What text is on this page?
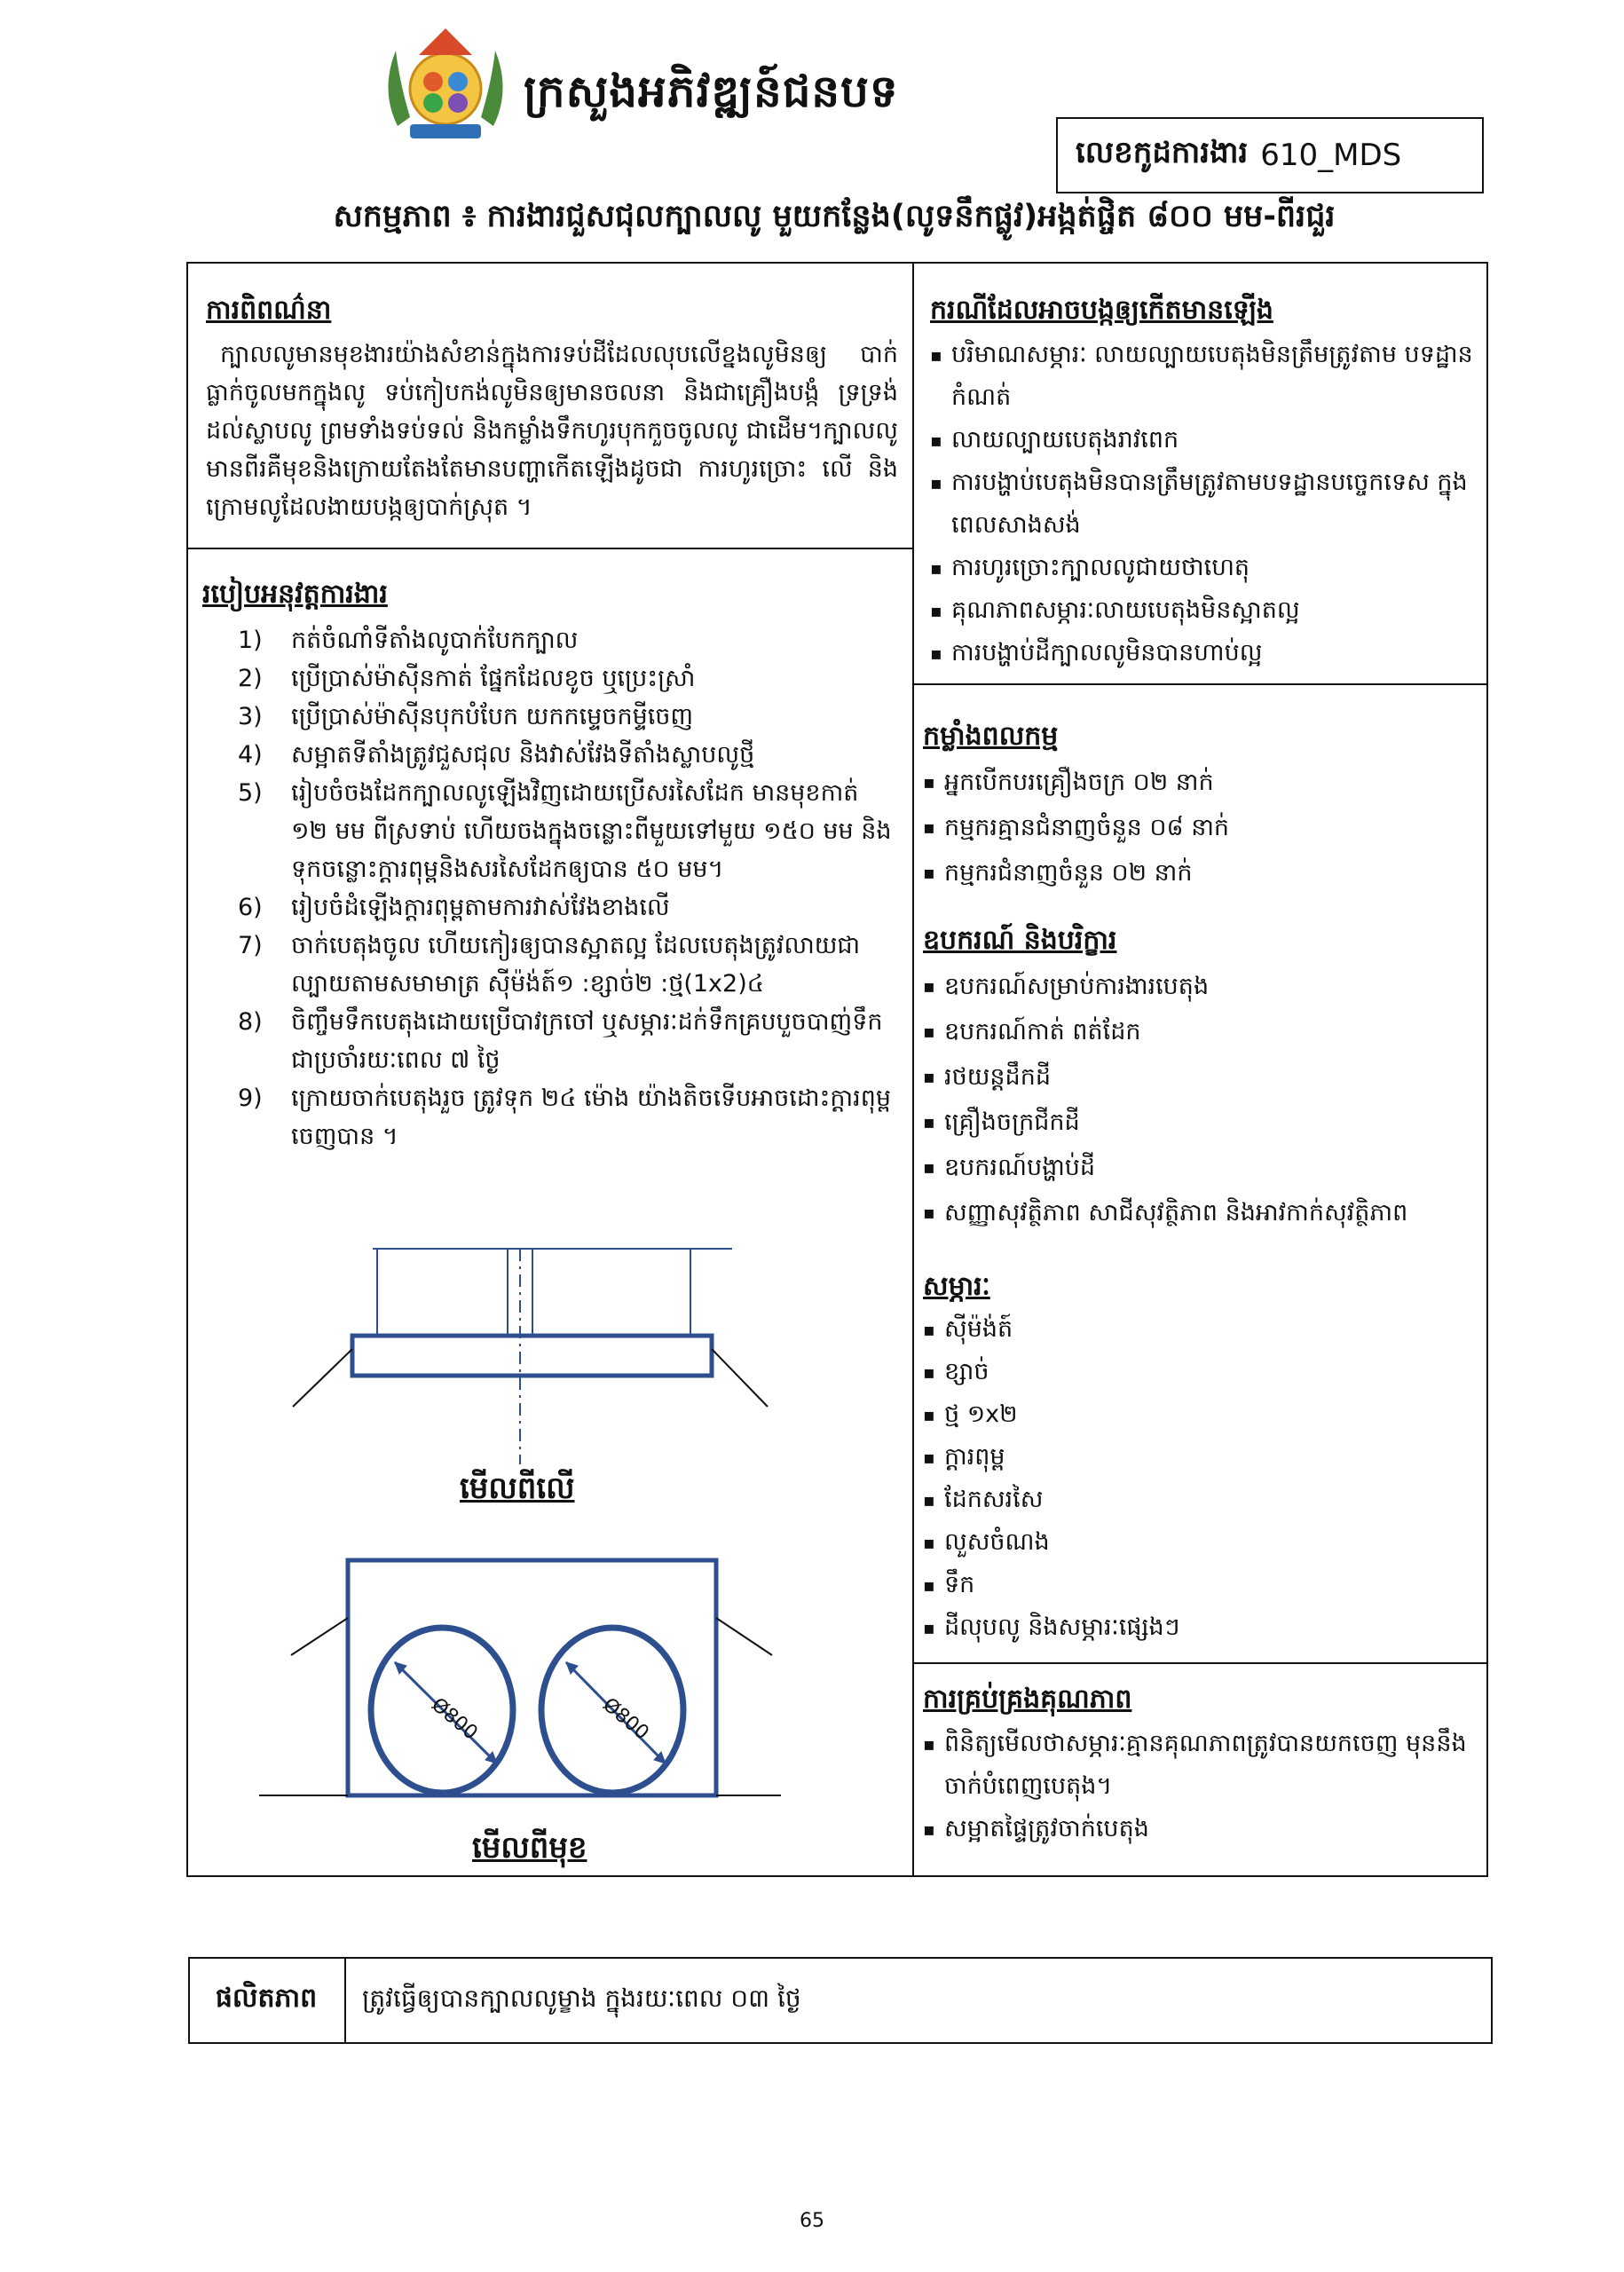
ក្រសួងអភិវឌ្ឍន៍ជនបទ
លេខកូដការងារ 610_MDS
សកម្មភាព ៖ ការងារជួសជុលក្បាលលូ មួយកន្លែង(លូទនឹកផ្លូវ)អង្កត់ផ្ចិត ៨០០ មម-ពីរជួរ
ការពិពណ៌នា
ក្បាលលូមានមុខងារយ៉ាងសំខាន់ក្នុងការទប់ដីដែលលុបលើខ្នងលូមិនឲ្យ បាក់ធ្លាក់ចូលមកក្នុងលូ ទប់កៀបកង់លូមិនឲ្យមានចលនា និងជាគ្រឿងបង្កំ ទ្រទ្រង់ដល់ស្លាបលូ ព្រមទាំងទប់ទល់ និងកម្លាំងទឹកហូរបុកកួចចូលលូ ជាដើម។ក្បាលលូមានពីរគឺមុខនិងក្រោយតែងតែមានបញ្ហាកើតឡើងដូចជា ការហូរច្រោះ លើ និងក្រោមលូដែលងាយបង្កឲ្យបាក់ស្រុត ។
របៀបអនុវត្តការងារ
1)	កត់ចំណាំទីតាំងលូបាក់បែកក្បាល
2)	ប្រើប្រាស់ម៉ាស៊ីនកាត់ ផ្នែកដែលខូច ឬប្រេះស្រាំ
3)	ប្រើប្រាស់ម៉ាស៊ីនបុកបំបែក យកកម្ទេចកម្ទីចេញ
4)	សម្អាតទីតាំងត្រូវជួសជុល និងវាស់វែងទីតាំងស្លាបលូថ្មី
5)	រៀបចំចងដែកក្បាលលូឡើងវិញដោយប្រើសរសៃដែក មានមុខកាត់ ១២ មម ពីស្រទាប់ ហើយចងក្នុងចន្លោះពីមួយទៅមួយ ១៥០ មម និងទុកចន្លោះក្តារពុម្ពនិងសរសៃដែកឲ្យបាន ៥០ មម។
6)	រៀបចំដំឡើងក្តារពុម្ពតាមការវាស់វែងខាងលើ
7)	ចាក់បេតុងចូល ហើយកៀរឲ្យបានស្អាតល្អ ដែលបេតុងត្រូវលាយជាល្បាយតាមសមាមាត្រ ស៊ីម៉ង់ត៍១ :ខ្សាច់២ :ថ្ម(1x2)៤
8)	ចិញ្ចឹមទឹកបេតុងដោយប្រើបាវក្រចៅ ឬសម្ភារៈដក់ទឹកគ្របបួចបាញ់ទឹកជាប្រចាំរយៈពេល ៧ ថ្ងៃ
9)	ក្រោយចាក់បេតុងរួច ត្រូវទុក ២៤ ម៉ោង យ៉ាងតិចទើបអាចដោះក្តារពុម្ពចេញបាន ។
Ø800	Ø800
មើលពីលើ
មើលពីមុខ
ករណីដែលអាចបង្កឲ្យកើតមានឡើង
▪ បរិមាណសម្ភារៈ លាយល្បាយបេតុងមិនត្រឹមត្រូវតាម បទដ្ឋានកំណត់
▪ លាយល្បាយបេតុងរាវពេក
▪ ការបង្ហាប់បេតុងមិនបានត្រឹមត្រូវតាមបទដ្ឋានបច្ចេកទេស ក្នុងពេលសាងសង់
▪ ការហូរច្រោះក្បាលលូជាយថាហេតុ
▪ គុណភាពសម្ភារៈលាយបេតុងមិនស្អាតល្អ
▪ ការបង្ហាប់ដីក្បាលលូមិនបានហាប់ល្អ
កម្លាំងពលកម្ម
▪ អ្នកបើកបរគ្រឿងចក្រ ០២ នាក់
▪ កម្មករគ្មានជំនាញចំនួន ០៨ នាក់
▪ កម្មករជំនាញចំនួន ០២ នាក់
ឧបករណ៍ និងបរិក្ខារ
▪ ឧបករណ៍សម្រាប់ការងារបេតុង
▪ ឧបករណ៍កាត់ ពត់ដែក
▪ រថយន្តដឹកដី
▪ គ្រឿងចក្រជីកដី
▪ ឧបករណ៍បង្ហាប់ដី
▪ សញ្ញាសុវត្ថិភាព សាជីសុវត្ថិភាព និងអាវកាក់សុវត្ថិភាព
សម្ភារៈ
▪ ស៊ីម៉ង់ត៍
▪ ខ្សាច់
▪ ថ្ម ១x២
▪ ក្តារពុម្ព
▪ ដែកសរសៃ
▪ លួសចំណង
▪ ទឹក
▪ ដីលុបលូ និងសម្ភារៈផ្សេងៗ
ការគ្រប់គ្រងគុណភាព
▪ ពិនិត្យមើលថាសម្ភារៈគ្មានគុណភាពត្រូវបានយកចេញ មុននឹងចាក់បំពេញបេតុង។
▪ សម្អាតផ្ទៃត្រូវចាក់បេតុង
ផលិតភាព	ត្រូវធ្វើឲ្យបានក្បាលលូម្ខាង ក្នុងរយៈពេល ០៣ ថ្ងៃ
65
